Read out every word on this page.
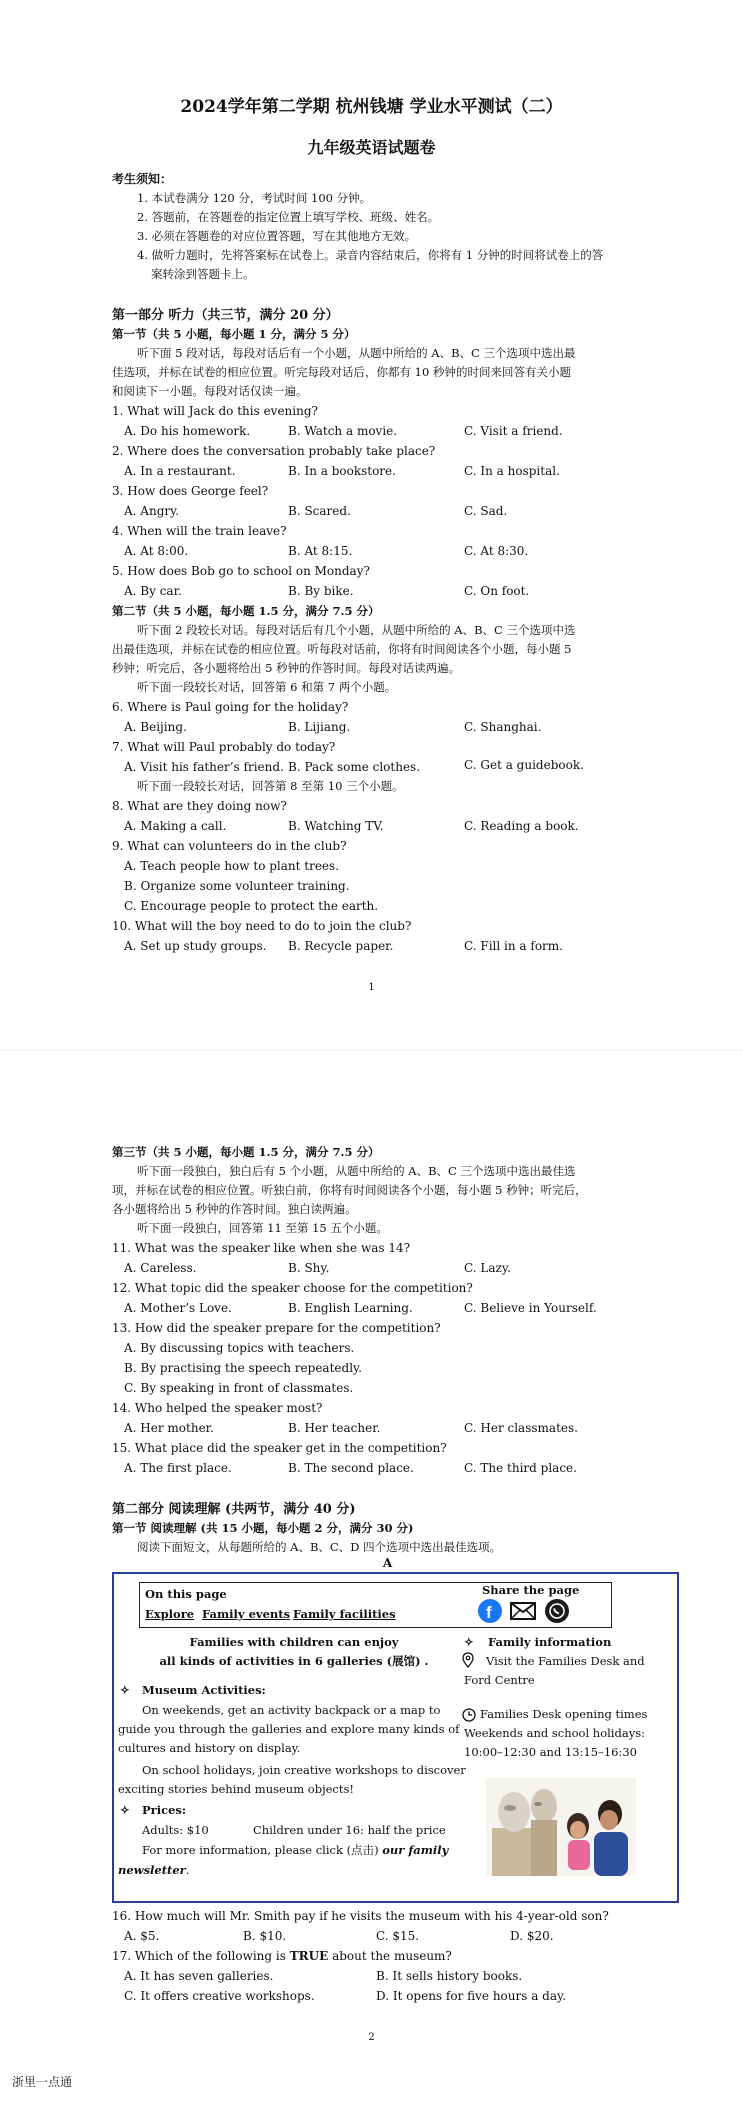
2024学年第二学期 杭州钱塘 学业水平测试（二）
九年级英语试题卷
考生须知：
1. 本试卷满分 120 分，考试时间 100 分钟。
2. 答题前，在答题卷的指定位置上填写学校、班级、姓名。
3. 必须在答题卷的对应位置答题，写在其他地方无效。
4. 做听力题时，先将答案标在试卷上。录音内容结束后，你将有 1 分钟的时间将试卷上的答
案转涂到答题卡上。
第一部分 听力（共三节，满分 20 分）
第一节（共 5 小题，每小题 1 分，满分 5 分）
听下面 5 段对话，每段对话后有一个小题，从题中所给的 A、B、C 三个选项中选出最
佳选项，并标在试卷的相应位置。听完每段对话后，你都有 10 秒钟的时间来回答有关小题
和阅读下一小题。每段对话仅读一遍。
1. What will Jack do this evening?
A. Do his homework.	B. Watch a movie.	C. Visit a friend.
2. Where does the conversation probably take place?
A. In a restaurant.	B. In a bookstore.	C. In a hospital.
3. How does George feel?
A. Angry.	B. Scared.	C. Sad.
4. When will the train leave?
A. At 8:00.	B. At 8:15.	C. At 8:30.
5. How does Bob go to school on Monday?
A. By car.	B. By bike.	C. On foot.
第二节（共 5 小题，每小题 1.5 分，满分 7.5 分）
听下面 2 段较长对话。每段对话后有几个小题，从题中所给的 A、B、C 三个选项中选
出最佳选项，并标在试卷的相应位置。听每段对话前，你将有时间阅读各个小题，每小题 5
秒钟；听完后，各小题将给出 5 秒钟的作答时间。每段对话读两遍。
听下面一段较长对话，回答第 6 和第 7 两个小题。
6. Where is Paul going for the holiday?
A. Beijing.	B. Lijiang.	C. Shanghai.
7. What will Paul probably do today?
A. Visit his father’s friend. B. Pack some clothes.	C. Get a guidebook.
听下面一段较长对话，回答第 8 至第 10 三个小题。
8. What are they doing now?
A. Making a call.	B. Watching TV.	C. Reading a book.
9. What can volunteers do in the club?
A. Teach people how to plant trees.
B. Organize some volunteer training.
C. Encourage people to protect the earth.
10. What will the boy need to do to join the club?
A. Set up study groups. B. Recycle paper.	C. Fill in a form.
1
第三节（共 5 小题，每小题 1.5 分，满分 7.5 分）
听下面一段独白，独白后有 5 个小题，从题中所给的 A、B、C 三个选项中选出最佳选
项，并标在试卷的相应位置。听独白前，你将有时间阅读各个小题，每小题 5 秒钟；听完后，
各小题将给出 5 秒钟的作答时间。独白读两遍。
听下面一段独白，回答第 11 至第 15 五个小题。
11. What was the speaker like when she was 14?
A. Careless.	B. Shy.	C. Lazy.
12. What topic did the speaker choose for the competition?
A. Mother’s Love.	B. English Learning.	C. Believe in Yourself.
13. How did the speaker prepare for the competition?
A. By discussing topics with teachers.
B. By practising the speech repeatedly.
C. By speaking in front of classmates.
14. Who helped the speaker most?
A. Her mother.	B. Her teacher.	C. Her classmates.
15. What place did the speaker get in the competition?
A. The first place.	B. The second place.	C. The third place.
第二部分 阅读理解 (共两节，满分 40 分)
第一节 阅读理解 (共 15 小题，每小题 2 分，满分 30 分)
阅读下面短文，从每题所给的 A、B、C、D 四个选项中选出最佳选项。
A
On this page
Explore Family events Family facilities
Share the page
f
Families with children can enjoy
all kinds of activities in 6 galleries (展馆) .
✧ Museum Activities:
On weekends, get an activity backpack or a map to
guide you through the galleries and explore many kinds of
cultures and history on display.
On school holidays, join creative workshops to discover
exciting stories behind museum objects!
✧ Prices:
Adults: $10	Children under 16: half the price
For more information, please click (点击) our family
newsletter.
✧ Family information
Visit the Families Desk and
Ford Centre
Families Desk opening times
Weekends and school holidays:
10:00–12:30 and 13:15–16:30
16. How much will Mr. Smith pay if he visits the museum with his 4-year-old son?
A. $5.	B. $10.	C. $15.	D. $20.
17. Which of the following is TRUE about the museum?
A. It has seven galleries.	B. It sells history books.
C. It offers creative workshops.	D. It opens for five hours a day.
2
浙里一点通
